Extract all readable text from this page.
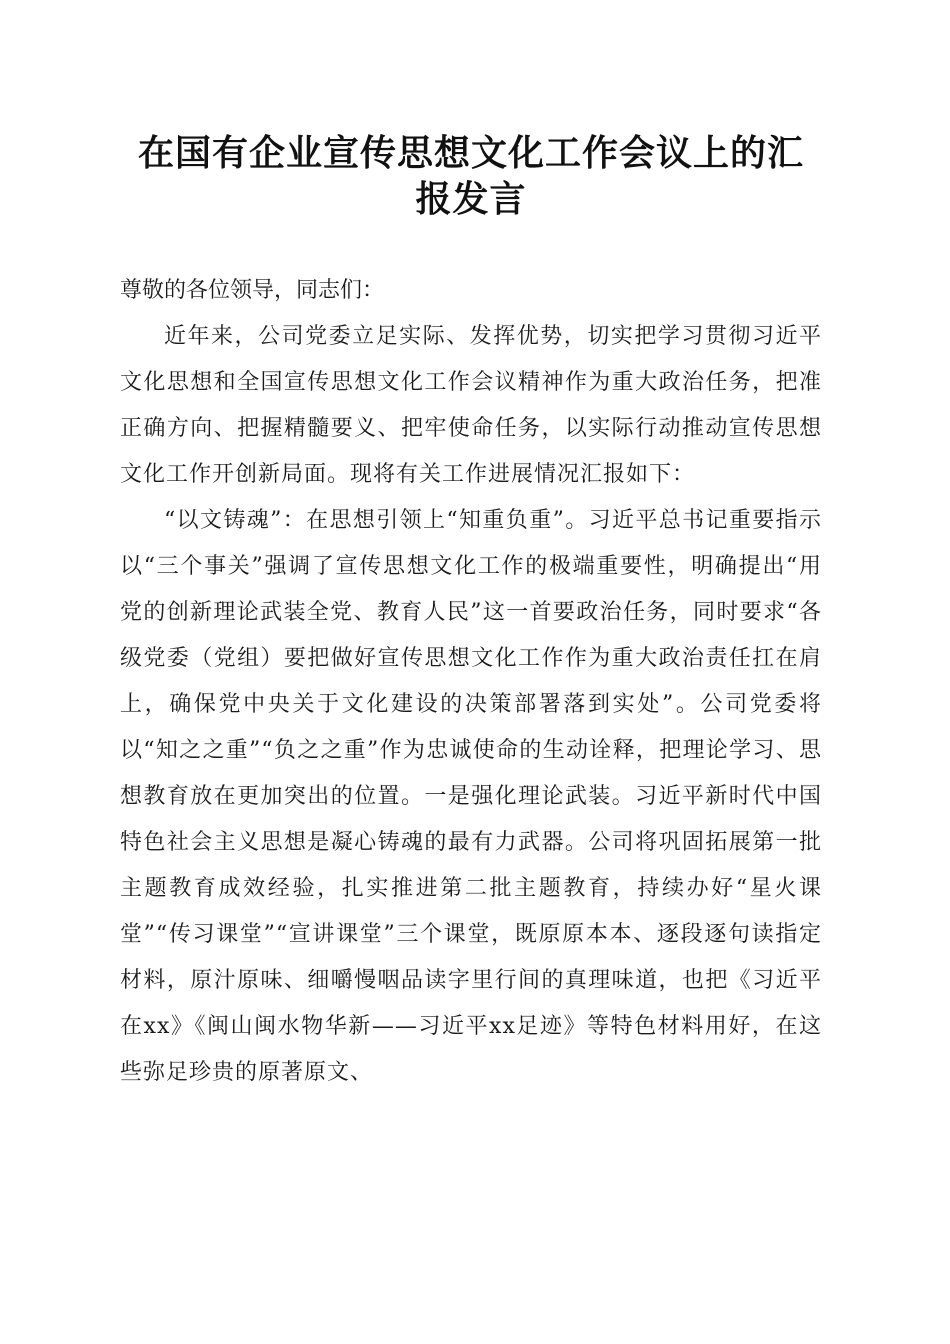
在国有企业宣传思想文化工作会议上的汇报发言

尊敬的各位领导，同志们：

近年来，公司党委立足实际、发挥优势，切实把学习贯彻习近平文化思想和全国宣传思想文化工作会议精神作为重大政治任务，把准正确方向、把握精髓要义、把牢使命任务，以实际行动推动宣传思想文化工作开创新局面。现将有关工作进展情况汇报如下：

“以文铸魂”：在思想引领上“知重负重”。习近平总书记重要指示以“三个事关”强调了宣传思想文化工作的极端重要性，明确提出“用党的创新理论武装全党、教育人民”这一首要政治任务，同时要求“各级党委（党组）要把做好宣传思想文化工作作为重大政治责任扛在肩上，确保党中央关于文化建设的决策部署落到实处”。公司党委将以“知之之重”“负之之重”作为忠诚使命的生动诠释，把理论学习、思想教育放在更加突出的位置。一是强化理论武装。习近平新时代中国特色社会主义思想是凝心铸魂的最有力武器。公司将巩固拓展第一批主题教育成效经验，扎实推进第二批主题教育，持续办好“星火课堂”“传习课堂”“宣讲课堂”三个课堂，既原原本本、逐段逐句读指定材料，原汁原味、细嚼慢咽品读字里行间的真理味道，也把《习近平在xx》《闽山闽水物华新——习近平xx足迹》等特色材料用好，在这些弥足珍贵的原著原文、
